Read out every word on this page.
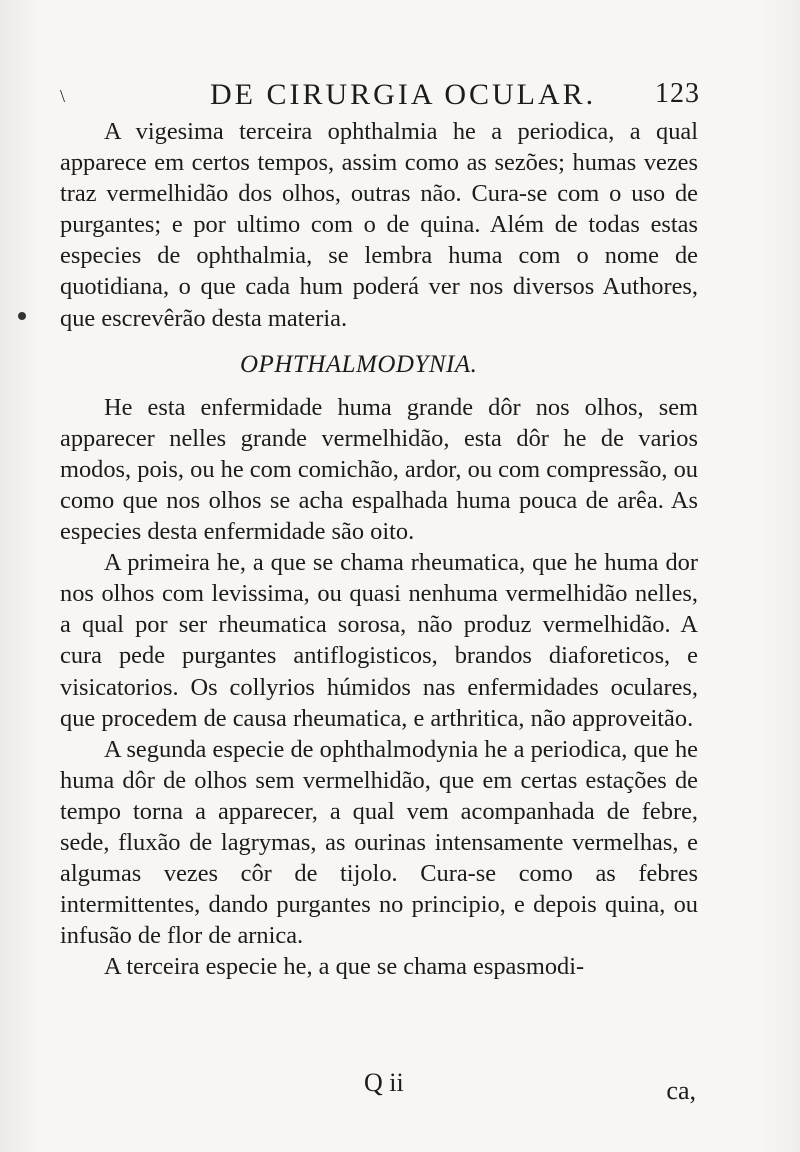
\	DE CIRURGIA OCULAR. 123

A vigesima terceira ophthalmia he a periodica, a qual apparece em certos tempos, assim como as sezões; humas vezes traz vermelhidão dos olhos, outras não. Cura-se com o uso de purgantes; e por ultimo com o de quina. Além de todas estas especies de ophthalmia, se lembra huma com o nome de quotidiana, o que cada hum poderá ver nos diversos Authores, que escrevêrão desta materia.

OPHTHALMODYNIA.

He esta enfermidade huma grande dôr nos olhos, sem apparecer nelles grande vermelhidão, esta dôr he de varios modos, pois, ou he com comichão, ardor, ou com compressão, ou como que nos olhos se acha espalhada huma pouca de arêa. As especies desta enfermidade são oito.

A primeira he, a que se chama rheumatica, que he huma dor nos olhos com levissima, ou quasi nenhuma vermelhidão nelles, a qual por ser rheumatica sorosa, não produz vermelhidão. A cura pede purgantes antiflogisticos, brandos diaforeticos, e visicatorios. Os collyrios húmidos nas enfermidades oculares, que procedem de causa rheumatica, e arthritica, não approveitão.

A segunda especie de ophthalmodynia he a periodica, que he huma dôr de olhos sem vermelhidão, que em certas estações de tempo torna a apparecer, a qual vem acompanhada de febre, sede, fluxão de lagrymas, as ourinas intensamente vermelhas, e algumas vezes côr de tijolo. Cura-se como as febres intermittentes, dando purgantes no principio, e depois quina, ou infusão de flor de arnica.

A terceira especie he, a que se chama espasmodi-

Q ii	ca,
